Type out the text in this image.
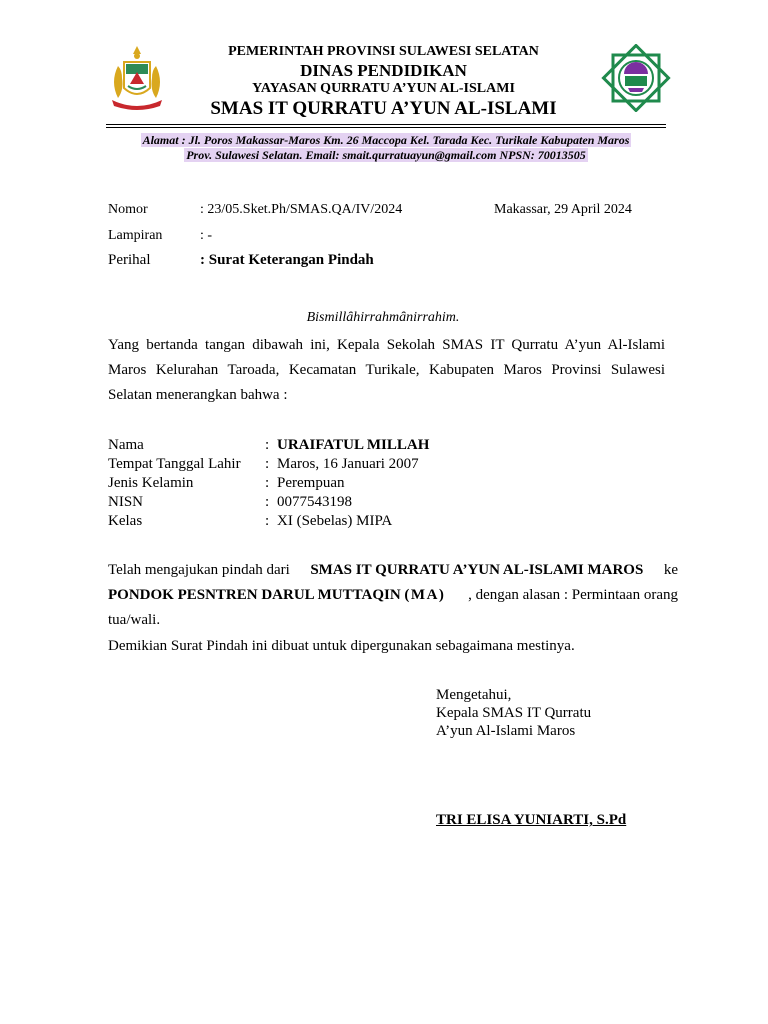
PEMERINTAH PROVINSI SULAWESI SELATAN
DINAS PENDIDIKAN
YAYASAN QURRATU A’YUN AL-ISLAMI
SMAS IT QURRATU A’YUN AL-ISLAMI
Alamat : Jl. Poros Makassar-Maros Km. 26 Maccopa Kel. Tarada Kec. Turikale Kabupaten Maros
Prov. Sulawesi Selatan. Email: smait.qurratuayun@gmail.com NPSN: 70013505
Nomor	: 23/05.Sket.Ph/SMAS.QA/IV/2024	Makassar, 29 April 2024
Lampiran	: -
Perihal	: Surat Keterangan Pindah
Bismillȃhirrahmȃnirrahim.
Yang bertanda tangan dibawah ini, Kepala Sekolah SMAS IT Qurratu A’yun Al-Islami
Maros Kelurahan Taroada, Kecamatan Turikale, Kabupaten Maros Provinsi Sulawesi
Selatan menerangkan bahwa :
Nama	: URAIFATUL MILLAH
Tempat Tanggal Lahir : Maros, 16 Januari 2007
Jenis Kelamin	: Perempuan
NISN	: 0077543198
Kelas	: XI (Sebelas) MIPA
Telah mengajukan pindah dari SMAS IT QURRATU A’YUN AL-ISLAMI MAROS ke
PONDOK PESNTREN DARUL MUTTAQIN (MA) , dengan alasan : Permintaan orang
tua/wali.
Demikian Surat Pindah ini dibuat untuk dipergunakan sebagaimana mestinya.
Mengetahui,
Kepala SMAS IT Qurratu
A’yun Al-Islami Maros
TRI ELISA YUNIARTI, S.Pd
